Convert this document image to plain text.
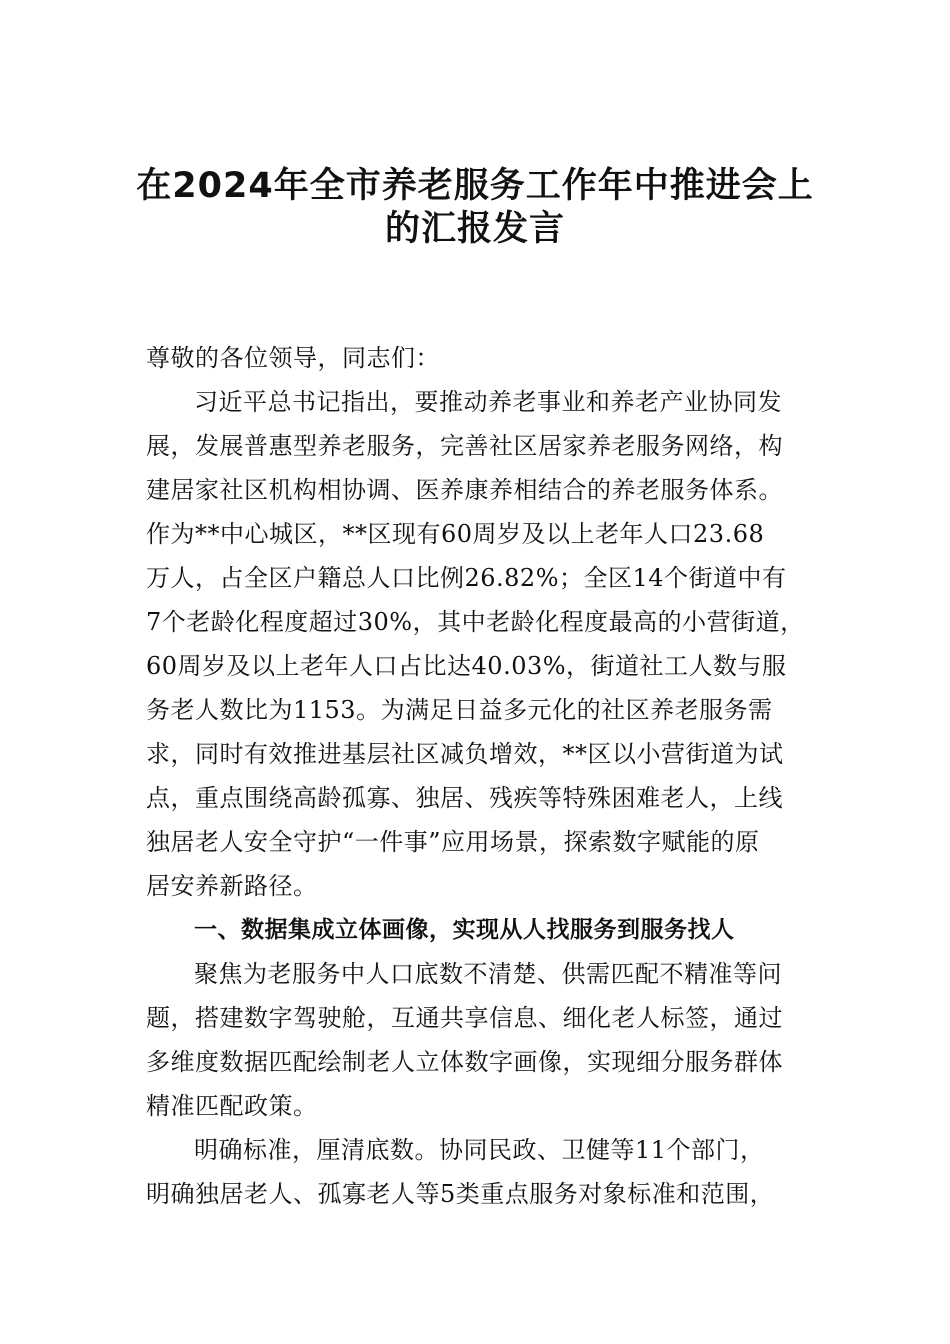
在2024年全市养老服务工作年中推进会上
的汇报发言
尊敬的各位领导，同志们：
习近平总书记指出，要推动养老事业和养老产业协同发
展，发展普惠型养老服务，完善社区居家养老服务网络，构
建居家社区机构相协调、医养康养相结合的养老服务体系。
作为**中心城区，**区现有60周岁及以上老年人口23.68
万人，占全区户籍总人口比例26.82%；全区14个街道中有
7个老龄化程度超过30%，其中老龄化程度最高的小营街道，
60周岁及以上老年人口占比达40.03%，街道社工人数与服
务老人数比为1153。为满足日益多元化的社区养老服务需
求，同时有效推进基层社区减负增效，**区以小营街道为试
点，重点围绕高龄孤寡、独居、残疾等特殊困难老人，上线
独居老人安全守护“一件事”应用场景，探索数字赋能的原
居安养新路径。
一、数据集成立体画像，实现从人找服务到服务找人
聚焦为老服务中人口底数不清楚、供需匹配不精准等问
题，搭建数字驾驶舱，互通共享信息、细化老人标签，通过
多维度数据匹配绘制老人立体数字画像，实现细分服务群体
精准匹配政策。
明确标准，厘清底数。协同民政、卫健等11个部门，
明确独居老人、孤寡老人等5类重点服务对象标准和范围，
